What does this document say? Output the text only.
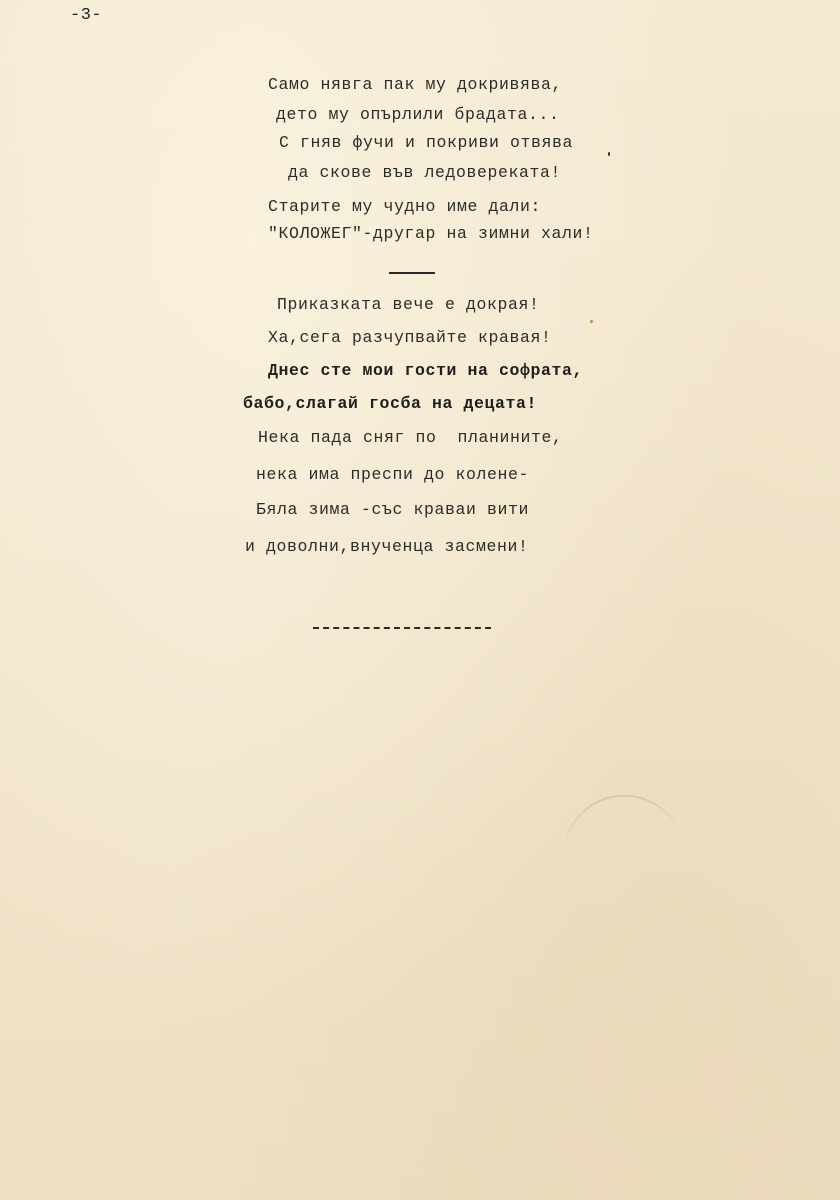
-3-
Само нявга пак му докривява,
дето му опърлили брадата...
С гняв фучи и покриви отвява
да скове във ледовереката!
Старите му чудно име дали:
"КОЛОЖЕГ"-другар на зимни хали!
Приказката вече е докрая!
Ха,сега разчупвайте кравая!
Днес сте мои гости на софрата,
бабо,слагай госба на децата!
Нека пада сняг по  планините,
нека има преспи до колене-
Бяла зима -със краваи вити
и доволни,внученца засмени!
